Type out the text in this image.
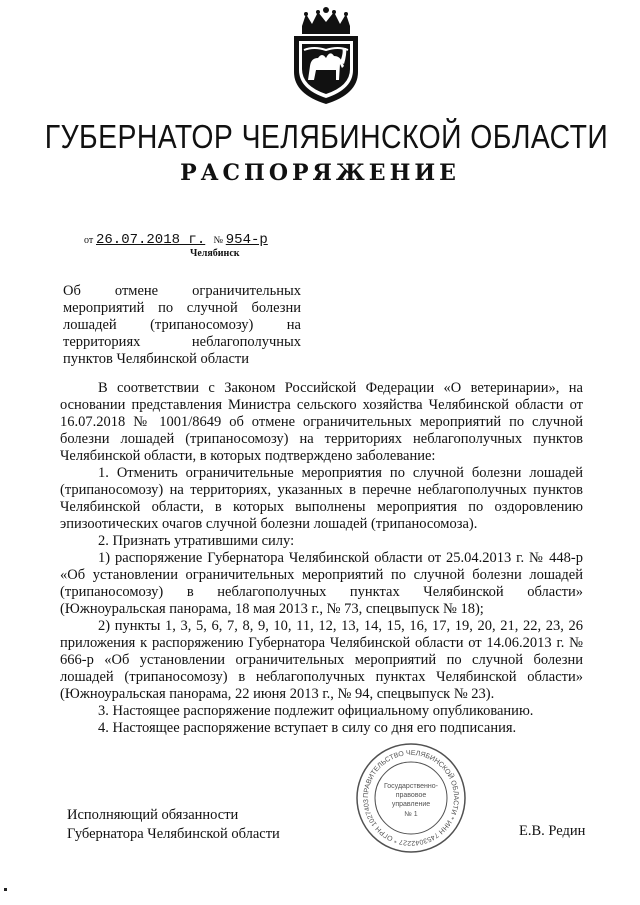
ГУБЕРНАТОР ЧЕЛЯБИНСКОЙ ОБЛАСТИ
РАСПОРЯЖЕНИЕ
от 26.07.2018 г. № 954-р
Челябинск
Об отмене ограничительных мероприятий по случной болезни лошадей (трипаносомозу) на территориях неблагополучных пунктов Челябинской области

В соответствии с Законом Российской Федерации «О ветеринарии», на основании представления Министра сельского хозяйства Челябинской области от 16.07.2018 № 1001/8649 об отмене ограничительных мероприятий по случной болезни лошадей (трипаносомозу) на территориях неблагополучных пунктов Челябинской области, в которых подтверждено заболевание:

1. Отменить ограничительные мероприятия по случной болезни лошадей (трипаносомозу) на территориях, указанных в перечне неблагополучных пунктов Челябинской области, в которых выполнены мероприятия по оздоровлению эпизоотических очагов случной болезни лошадей (трипаносомоза).

2. Признать утратившими силу:

1) распоряжение Губернатора Челябинской области от 25.04.2013 г. № 448-р «Об установлении ограничительных мероприятий по случной болезни лошадей (трипаносомозу) в неблагополучных пунктах Челябинской области» (Южноуральская панорама, 18 мая 2013 г., № 73, спецвыпуск № 18);

2) пункты 1, 3, 5, 6, 7, 8, 9, 10, 11, 12, 13, 14, 15, 16, 17, 19, 20, 21, 22, 23, 26 приложения к распоряжению Губернатора Челябинской области от 14.06.2013 г. № 666-р «Об установлении ограничительных мероприятий по случной болезни лошадей (трипаносомозу) в неблагополучных пунктах Челябинской области» (Южноуральская панорама, 22 июня 2013 г., № 94, спецвыпуск № 23).

3. Настоящее распоряжение подлежит официальному опубликованию.

4. Настоящее распоряжение вступает в силу со дня его подписания.

Исполняющий обязанности
Губернатора Челябинской области	Е.В. Редин
ПРАВИТЕЛЬСТВО ЧЕЛЯБИНСКОЙ ОБЛАСТИ * ИНН 7453042227 * ОГРН 1027403
Государственно-
правовое
управление
№ 1
